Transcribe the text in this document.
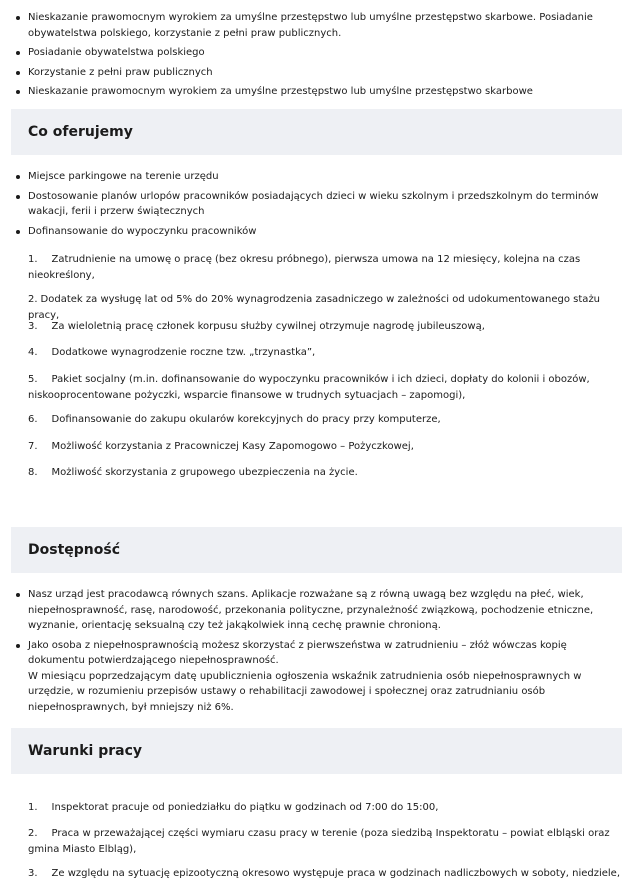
Nieskazanie prawomocnym wyrokiem za umyślne przestępstwo lub umyślne przestępstwo skarbowe. Posiadanie obywatelstwa polskiego, korzystanie z pełni praw publicznych.
Posiadanie obywatelstwa polskiego
Korzystanie z pełni praw publicznych
Nieskazanie prawomocnym wyrokiem za umyślne przestępstwo lub umyślne przestępstwo skarbowe
Co oferujemy
Miejsce parkingowe na terenie urzędu
Dostosowanie planów urlopów pracowników posiadających dzieci w wieku szkolnym i przedszkolnym do terminów wakacji, ferii i przerw świątecznych
Dofinansowanie do wypoczynku pracowników
1. Zatrudnienie na umowę o pracę (bez okresu próbnego), pierwsza umowa na 12 miesięcy, kolejna na czas nieokreślony,
2. Dodatek za wysługę lat od 5% do 20% wynagrodzenia zasadniczego w zależności od udokumentowanego stażu pracy,
3. Za wieloletnią pracę członek korpusu służby cywilnej otrzymuje nagrodę jubileuszową,
4. Dodatkowe wynagrodzenie roczne tzw. „trzynastka”,
5. Pakiet socjalny (m.in. dofinansowanie do wypoczynku pracowników i ich dzieci, dopłaty do kolonii i obozów, niskooprocentowane pożyczki, wsparcie finansowe w trudnych sytuacjach – zapomogi),
6. Dofinansowanie do zakupu okularów korekcyjnych do pracy przy komputerze,
7. Możliwość korzystania z Pracowniczej Kasy Zapomogowo – Pożyczkowej,
8. Możliwość skorzystania z grupowego ubezpieczenia na życie.
Dostępność
Nasz urząd jest pracodawcą równych szans. Aplikacje rozważane są z równą uwagą bez względu na płeć, wiek, niepełnosprawność, rasę, narodowość, przekonania polityczne, przynależność związkową, pochodzenie etniczne, wyznanie, orientację seksualną czy też jakąkolwiek inną cechę prawnie chronioną.
Jako osoba z niepełnosprawnością możesz skorzystać z pierwszeństwa w zatrudnieniu – złóż wówczas kopię dokumentu potwierdzającego niepełnosprawność.
W miesiącu poprzedzającym datę upublicznienia ogłoszenia wskaźnik zatrudnienia osób niepełnosprawnych w urzędzie, w rozumieniu przepisów ustawy o rehabilitacji zawodowej i społecznej oraz zatrudnianiu osób niepełnosprawnych, był mniejszy niż 6%.
Warunki pracy
1. Inspektorat pracuje od poniedziałku do piątku w godzinach od 7:00 do 15:00,
2. Praca w przeważającej części wymiaru czasu pracy w terenie (poza siedzibą Inspektoratu – powiat elbląski oraz gmina Miasto Elbląg),
3. Ze względu na sytuację epizootyczną okresowo występuje praca w godzinach nadliczbowych w soboty, niedziele,
